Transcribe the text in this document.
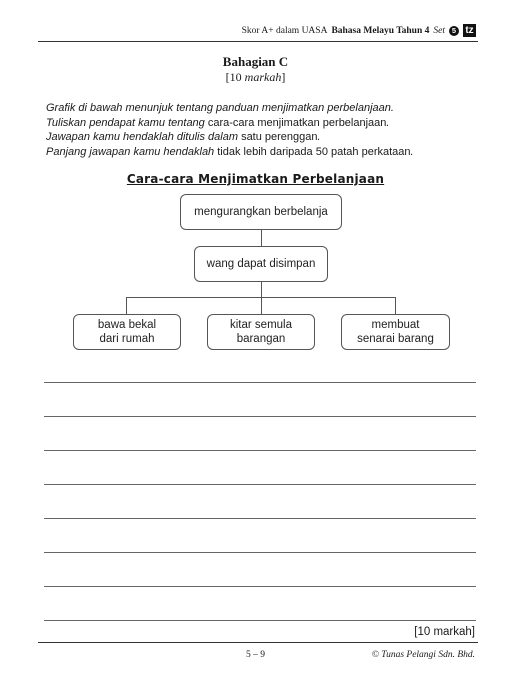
Skor A+ dalam UASA Bahasa Melayu Tahun 4 Set 5 tz
Bahagian C
[10 markah]
Grafik di bawah menunjuk tentang panduan menjimatkan perbelanjaan.
Tuliskan pendapat kamu tentang cara-cara menjimatkan perbelanjaan.
Jawapan kamu hendaklah ditulis dalam satu perenggan.
Panjang jawapan kamu hendaklah tidak lebih daripada 50 patah perkataan.
Cara-cara Menjimatkan Perbelanjaan
mengurangkan berbelanja
wang dapat disimpan
bawa bekal
dari rumah
kitar semula
barangan
membuat
senarai barang
[10 markah]
5 – 9	© Tunas Pelangi Sdn. Bhd.
